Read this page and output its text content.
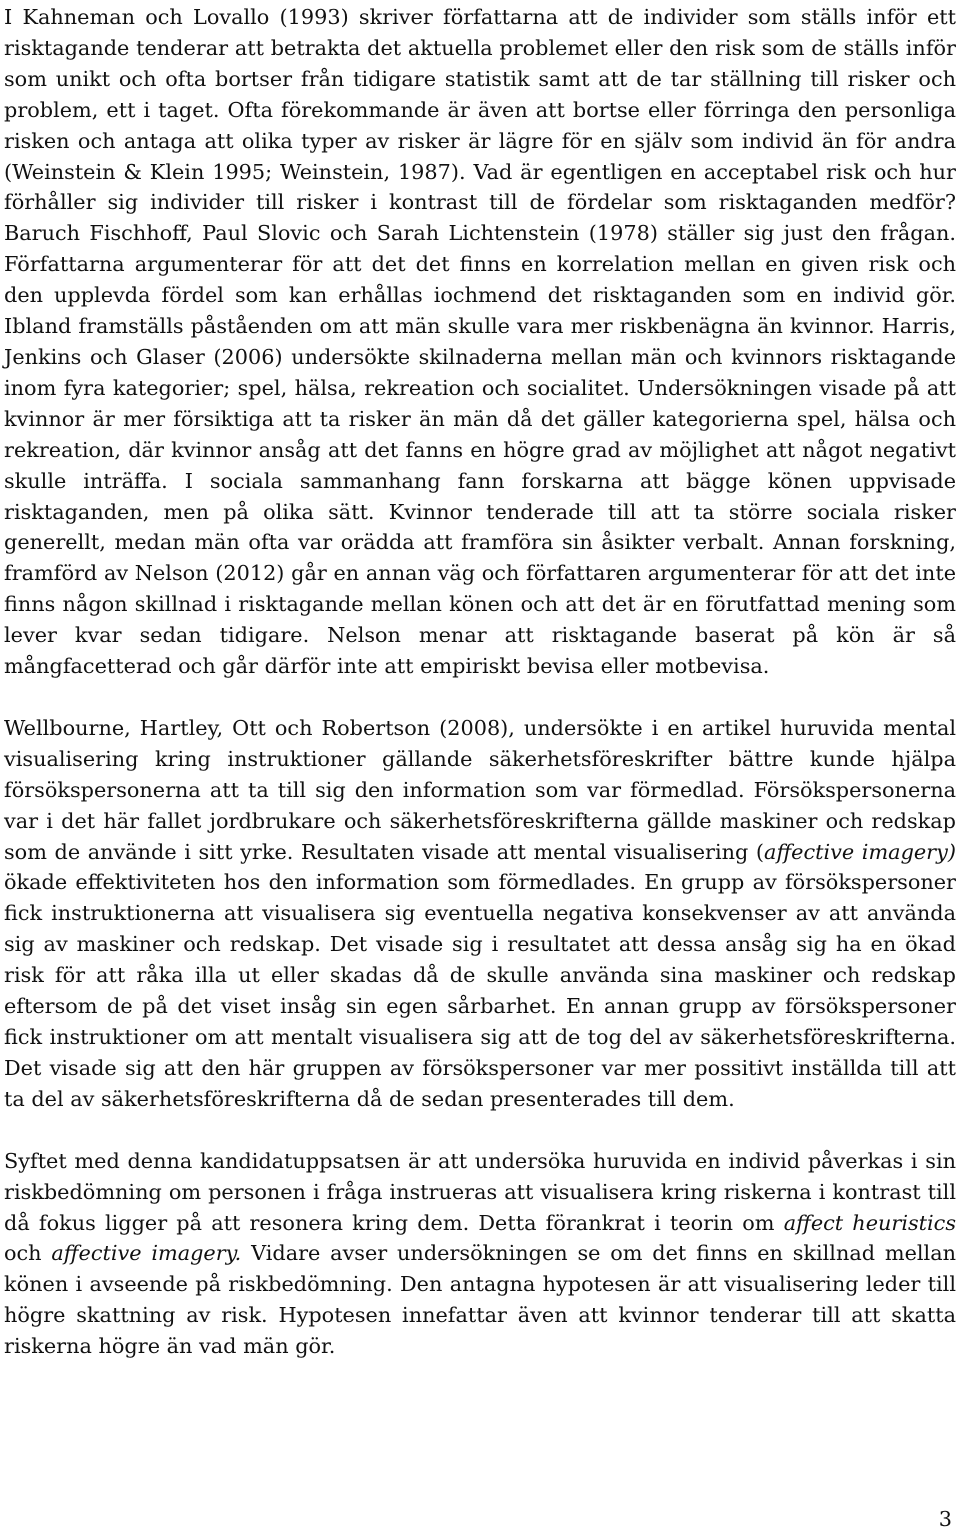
I Kahneman och Lovallo (1993) skriver författarna att de individer som ställs inför ett risktagande tenderar att betrakta det aktuella problemet eller den risk som de ställs inför som unikt och ofta bortser från tidigare statistik samt att de tar ställning till risker och problem, ett i taget. Ofta förekommande är även att bortse eller förringa den personliga risken och antaga att olika typer av risker är lägre för en själv som individ än för andra (Weinstein & Klein 1995; Weinstein, 1987). Vad är egentligen en acceptabel risk och hur förhåller sig individer till risker i kontrast till de fördelar som risktaganden medför? Baruch Fischhoff, Paul Slovic och Sarah Lichtenstein (1978) ställer sig just den frågan. Författarna argumenterar för att det det finns en korrelation mellan en given risk och den upplevda fördel som kan erhållas iochmend det risktaganden som en individ gör. Ibland framställs påståenden om att män skulle vara mer riskbenägna än kvinnor. Harris, Jenkins och Glaser (2006) undersökte skilnaderna mellan män och kvinnors risktagande inom fyra kategorier; spel, hälsa, rekreation och socialitet. Undersökningen visade på att kvinnor är mer försiktiga att ta risker än män då det gäller kategorierna spel, hälsa och rekreation, där kvinnor ansåg att det fanns en högre grad av möjlighet att något negativt skulle inträffa. I sociala sammanhang fann forskarna att bägge könen uppvisade risktaganden, men på olika sätt. Kvinnor tenderade till att ta större sociala risker generellt, medan män ofta var orädda att framföra sin åsikter verbalt. Annan forskning, framförd av Nelson (2012) går en annan väg och författaren argumenterar för att det inte finns någon skillnad i risktagande mellan könen och att det är en förutfattad mening som lever kvar sedan tidigare. Nelson menar att risktagande baserat på kön är så mångfacetterad och går därför inte att empiriskt bevisa eller motbevisa.

Wellbourne, Hartley, Ott och Robertson (2008), undersökte i en artikel huruvida mental visualisering kring instruktioner gällande säkerhetsföreskrifter bättre kunde hjälpa försökspersonerna att ta till sig den information som var förmedlad. Försökspersonerna var i det här fallet jordbrukare och säkerhetsföreskrifterna gällde maskiner och redskap som de använde i sitt yrke. Resultaten visade att mental visualisering (affective imagery) ökade effektiviteten hos den information som förmedlades. En grupp av försökspersoner fick instruktionerna att visualisera sig eventuella negativa konsekvenser av att använda sig av maskiner och redskap. Det visade sig i resultatet att dessa ansåg sig ha en ökad risk för att råka illa ut eller skadas då de skulle använda sina maskiner och redskap eftersom de på det viset insåg sin egen sårbarhet. En annan grupp av försökspersoner fick instruktioner om att mentalt visualisera sig att de tog del av säkerhetsföreskrifterna. Det visade sig att den här gruppen av försökspersoner var mer possitivt inställda till att ta del av säkerhetsföreskrifterna då de sedan presenterades till dem.

Syftet med denna kandidatuppsatsen är att undersöka huruvida en individ påverkas i sin riskbedömning om personen i fråga instrueras att visualisera kring riskerna i kontrast till då fokus ligger på att resonera kring dem. Detta förankrat i teorin om affect heuristics och affective imagery. Vidare avser undersökningen se om det finns en skillnad mellan könen i avseende på riskbedömning. Den antagna hypotesen är att visualisering leder till högre skattning av risk. Hypotesen innefattar även att kvinnor tenderar till att skatta riskerna högre än vad män gör.

3
